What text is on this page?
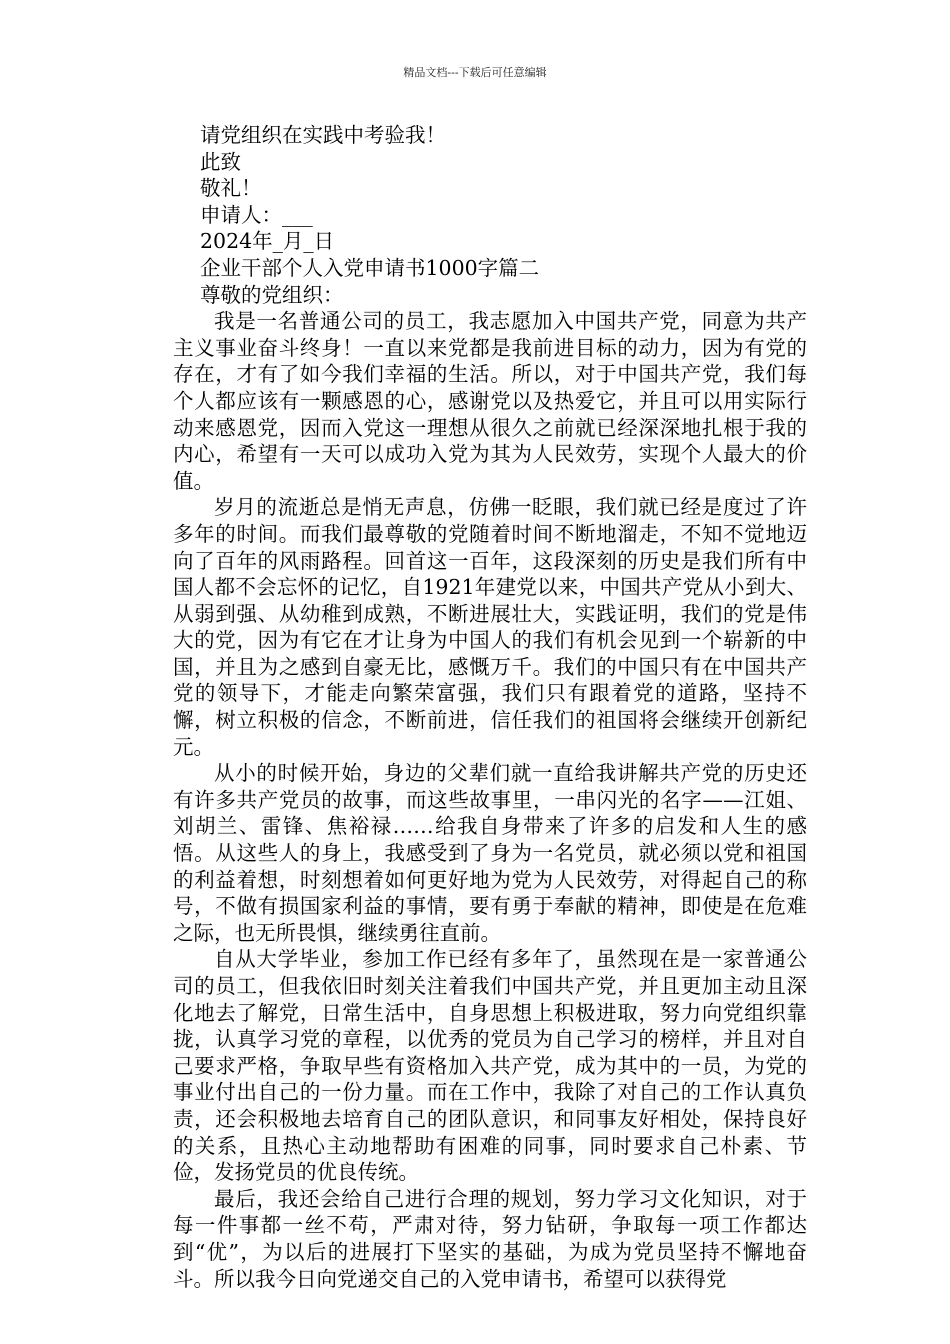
精品文档---下载后可任意编辑
请党组织在实践中考验我！
此致
敬礼！
申请人：___
2024年_月_日
企业干部个人入党申请书1000字篇二
尊敬的党组织：

我是一名普通公司的员工，我志愿加入中国共产党，同意为共产主义事业奋斗终身！一直以来党都是我前进目标的动力，因为有党的存在，才有了如今我们幸福的生活。所以，对于中国共产党，我们每个人都应该有一颗感恩的心，感谢党以及热爱它，并且可以用实际行动来感恩党，因而入党这一理想从很久之前就已经深深地扎根于我的内心，希望有一天可以成功入党为其为人民效劳，实现个人最大的价值。

岁月的流逝总是悄无声息，仿佛一眨眼，我们就已经是度过了许多年的时间。而我们最尊敬的党随着时间不断地溜走，不知不觉地迈向了百年的风雨路程。回首这一百年，这段深刻的历史是我们所有中国人都不会忘怀的记忆，自1921年建党以来，中国共产党从小到大、从弱到强、从幼稚到成熟，不断进展壮大，实践证明，我们的党是伟大的党，因为有它在才让身为中国人的我们有机会见到一个崭新的中国，并且为之感到自豪无比，感慨万千。我们的中国只有在中国共产党的领导下，才能走向繁荣富强，我们只有跟着党的道路，坚持不懈，树立积极的信念，不断前进，信任我们的祖国将会继续开创新纪元。

从小的时候开始，身边的父辈们就一直给我讲解共产党的历史还有许多共产党员的故事，而这些故事里，一串闪光的名字——江姐、刘胡兰、雷锋、焦裕禄……给我自身带来了许多的启发和人生的感悟。从这些人的身上，我感受到了身为一名党员，就必须以党和祖国的利益着想，时刻想着如何更好地为党为人民效劳，对得起自己的称号，不做有损国家利益的事情，要有勇于奉献的精神，即使是在危难之际，也无所畏惧，继续勇往直前。

自从大学毕业，参加工作已经有多年了，虽然现在是一家普通公司的员工，但我依旧时刻关注着我们中国共产党，并且更加主动且深化地去了解党，日常生活中，自身思想上积极进取，努力向党组织靠拢，认真学习党的章程，以优秀的党员为自己学习的榜样，并且对自己要求严格，争取早些有资格加入共产党，成为其中的一员，为党的事业付出自己的一份力量。而在工作中，我除了对自己的工作认真负责，还会积极地去培育自己的团队意识，和同事友好相处，保持良好的关系，且热心主动地帮助有困难的同事，同时要求自己朴素、节俭，发扬党员的优良传统。

最后，我还会给自己进行合理的规划，努力学习文化知识，对于每一件事都一丝不苟，严肃对待，努力钻研，争取每一项工作都达到“优”，为以后的进展打下坚实的基础，为成为党员坚持不懈地奋斗。所以我今日向党递交自己的入党申请书，希望可以获得党
